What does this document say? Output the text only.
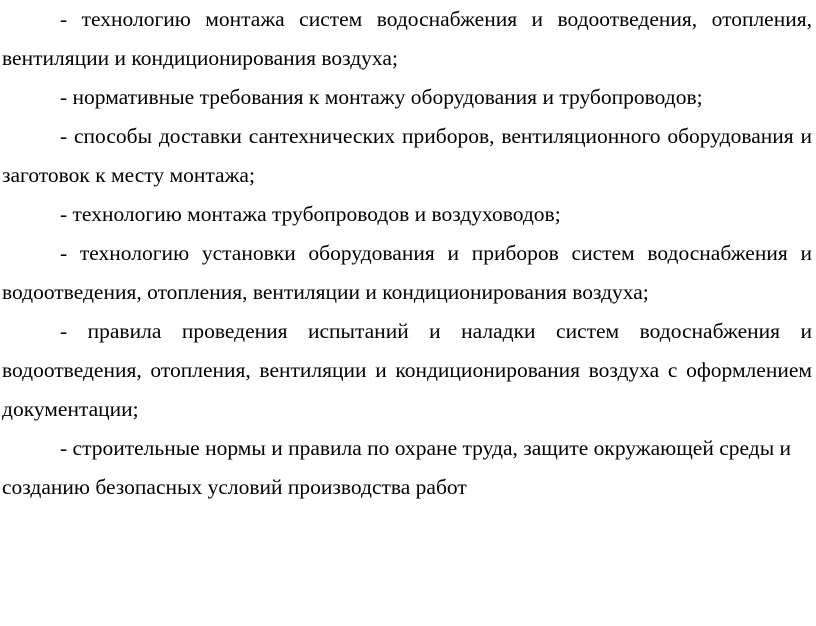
- технологию монтажа систем водоснабжения и водоотведения, отопления, вентиляции и кондиционирования воздуха;

- нормативные требования к монтажу оборудования и трубопроводов;

- способы доставки сантехнических приборов, вентиляционного оборудования и заготовок к месту монтажа;

- технологию монтажа трубопроводов и воздуховодов;

- технологию установки оборудования и приборов систем водоснабжения и водоотведения, отопления, вентиляции и кондиционирования воздуха;

- правила проведения испытаний и наладки систем водоснабжения и водоотведения, отопления, вентиляции и кондиционирования воздуха с оформлением документации;

- строительные нормы и правила по охране труда, защите окружающей среды и созданию безопасных условий производства работ
